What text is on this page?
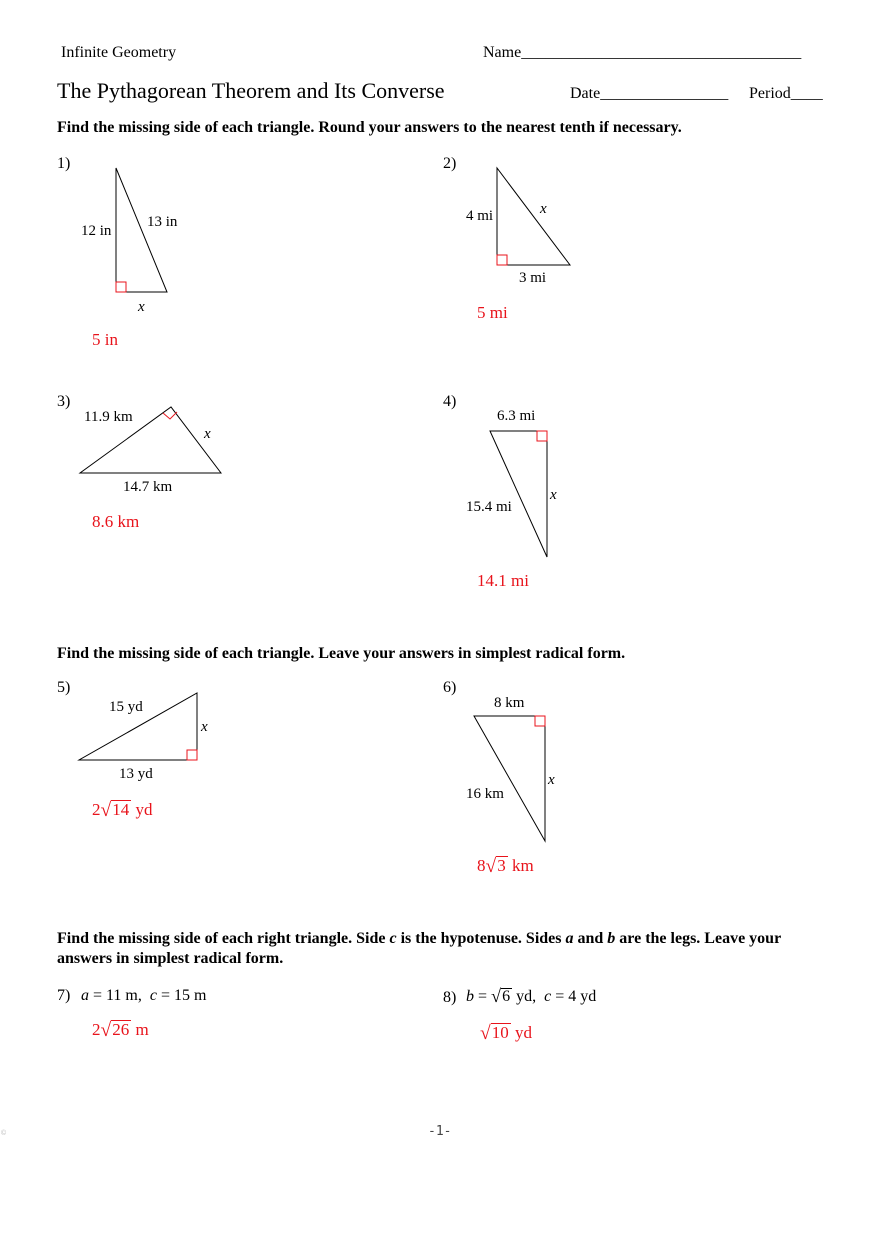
Infinite Geometry	Name___________________________________
The Pythagorean Theorem and Its Converse	Date________________ Period____
Find the missing side of each triangle. Round your answers to the nearest tenth if necessary.
1)
12 in
13 in
x
5 in
2)
4 mi
3 mi
x
5 mi
3)
11.9 km
14.7 km
x
8.6 km
4)
6.3 mi
15.4 mi
x
14.1 mi
Find the missing side of each triangle. Leave your answers in simplest radical form.
5)
15 yd
13 yd
x
2√14 yd
6)
8 km
16 km
x
8√3 km
Find the missing side of each right triangle. Side c is the hypotenuse. Sides a and b are the legs. Leave your answers in simplest radical form.
7) a = 11 m,  c = 15 m
2√26 m
8) b = √6 yd,  c = 4 yd
√10 yd
-1-
©
